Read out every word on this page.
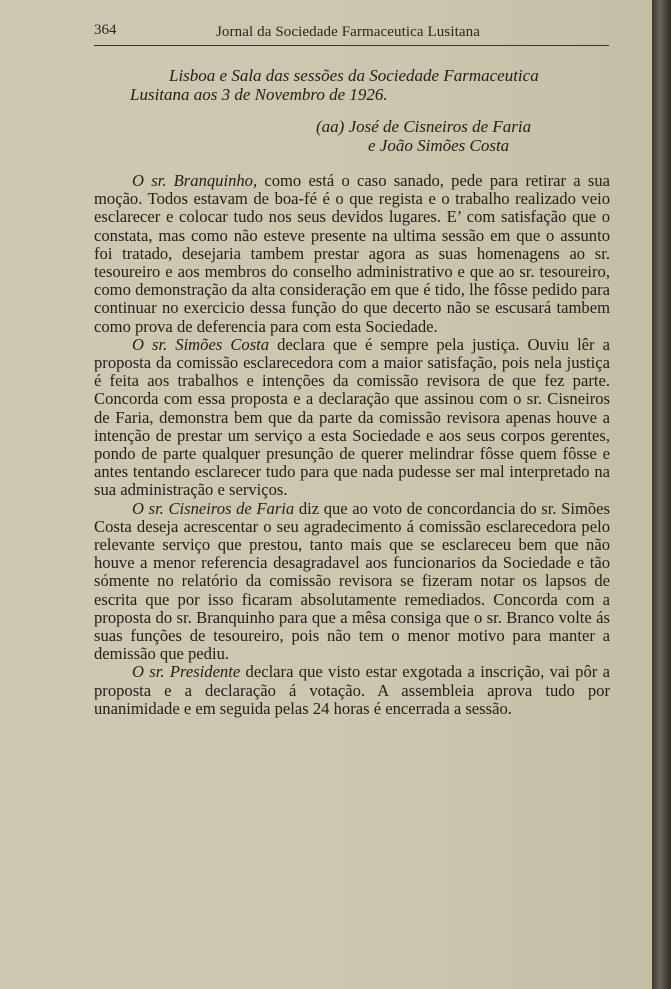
364	Jornal da Sociedade Farmaceutica Lusitana
Lisboa e Sala das sessões da Sociedade Farmaceutica
Lusitana aos 3 de Novembro de 1926.
(aa) José de Cisneiros de Faria
e João Simões Costa

O sr. Branquinho, como está o caso sanado, pede para retirar a sua moção. Todos estavam de boa-fé é o que regista e o trabalho realizado veio esclarecer e colocar tudo nos seus devidos lugares. E’ com satisfação que o constata, mas como não esteve presente na ultima sessão em que o assunto foi tratado, desejaria tambem prestar agora as suas homenagens ao sr. tesoureiro e aos membros do conselho administrativo e que ao sr. tesoureiro, como demonstração da alta consideração em que é tido, lhe fôsse pedido para continuar no exercicio dessa função do que decerto não se escusará tambem como prova de deferencia para com esta Sociedade.

O sr. Simões Costa declara que é sempre pela justiça. Ouviu lêr a proposta da comissão esclarecedora com a maior satisfação, pois nela justiça é feita aos trabalhos e intenções da comissão revisora de que fez parte. Concorda com essa proposta e a declaração que assinou com o sr. Cisneiros de Faria, demonstra bem que da parte da comissão revisora apenas houve a intenção de prestar um serviço a esta Sociedade e aos seus corpos gerentes, pondo de parte qualquer presunção de querer melindrar fôsse quem fôsse e antes tentando esclarecer tudo para que nada pudesse ser mal interpretado na sua administração e serviços.

O sr. Cisneiros de Faria diz que ao voto de concordancia do sr. Simões Costa deseja acrescentar o seu agradecimento á comissão esclarecedora pelo relevante serviço que prestou, tanto mais que se esclareceu bem que não houve a menor referencia desagradavel aos funcionarios da Sociedade e tão sómente no relatório da comissão revisora se fizeram notar os lapsos de escrita que por isso ficaram absolutamente remediados. Concorda com a proposta do sr. Branquinho para que a mêsa consiga que o sr. Branco volte ás suas funções de tesoureiro, pois não tem o menor motivo para manter a demissão que pediu.

O sr. Presidente declara que visto estar exgotada a inscrição, vai pôr a proposta e a declaração á votação. A assembleia aprova tudo por unanimidade e em seguida pelas 24 horas é encerrada a sessão.
